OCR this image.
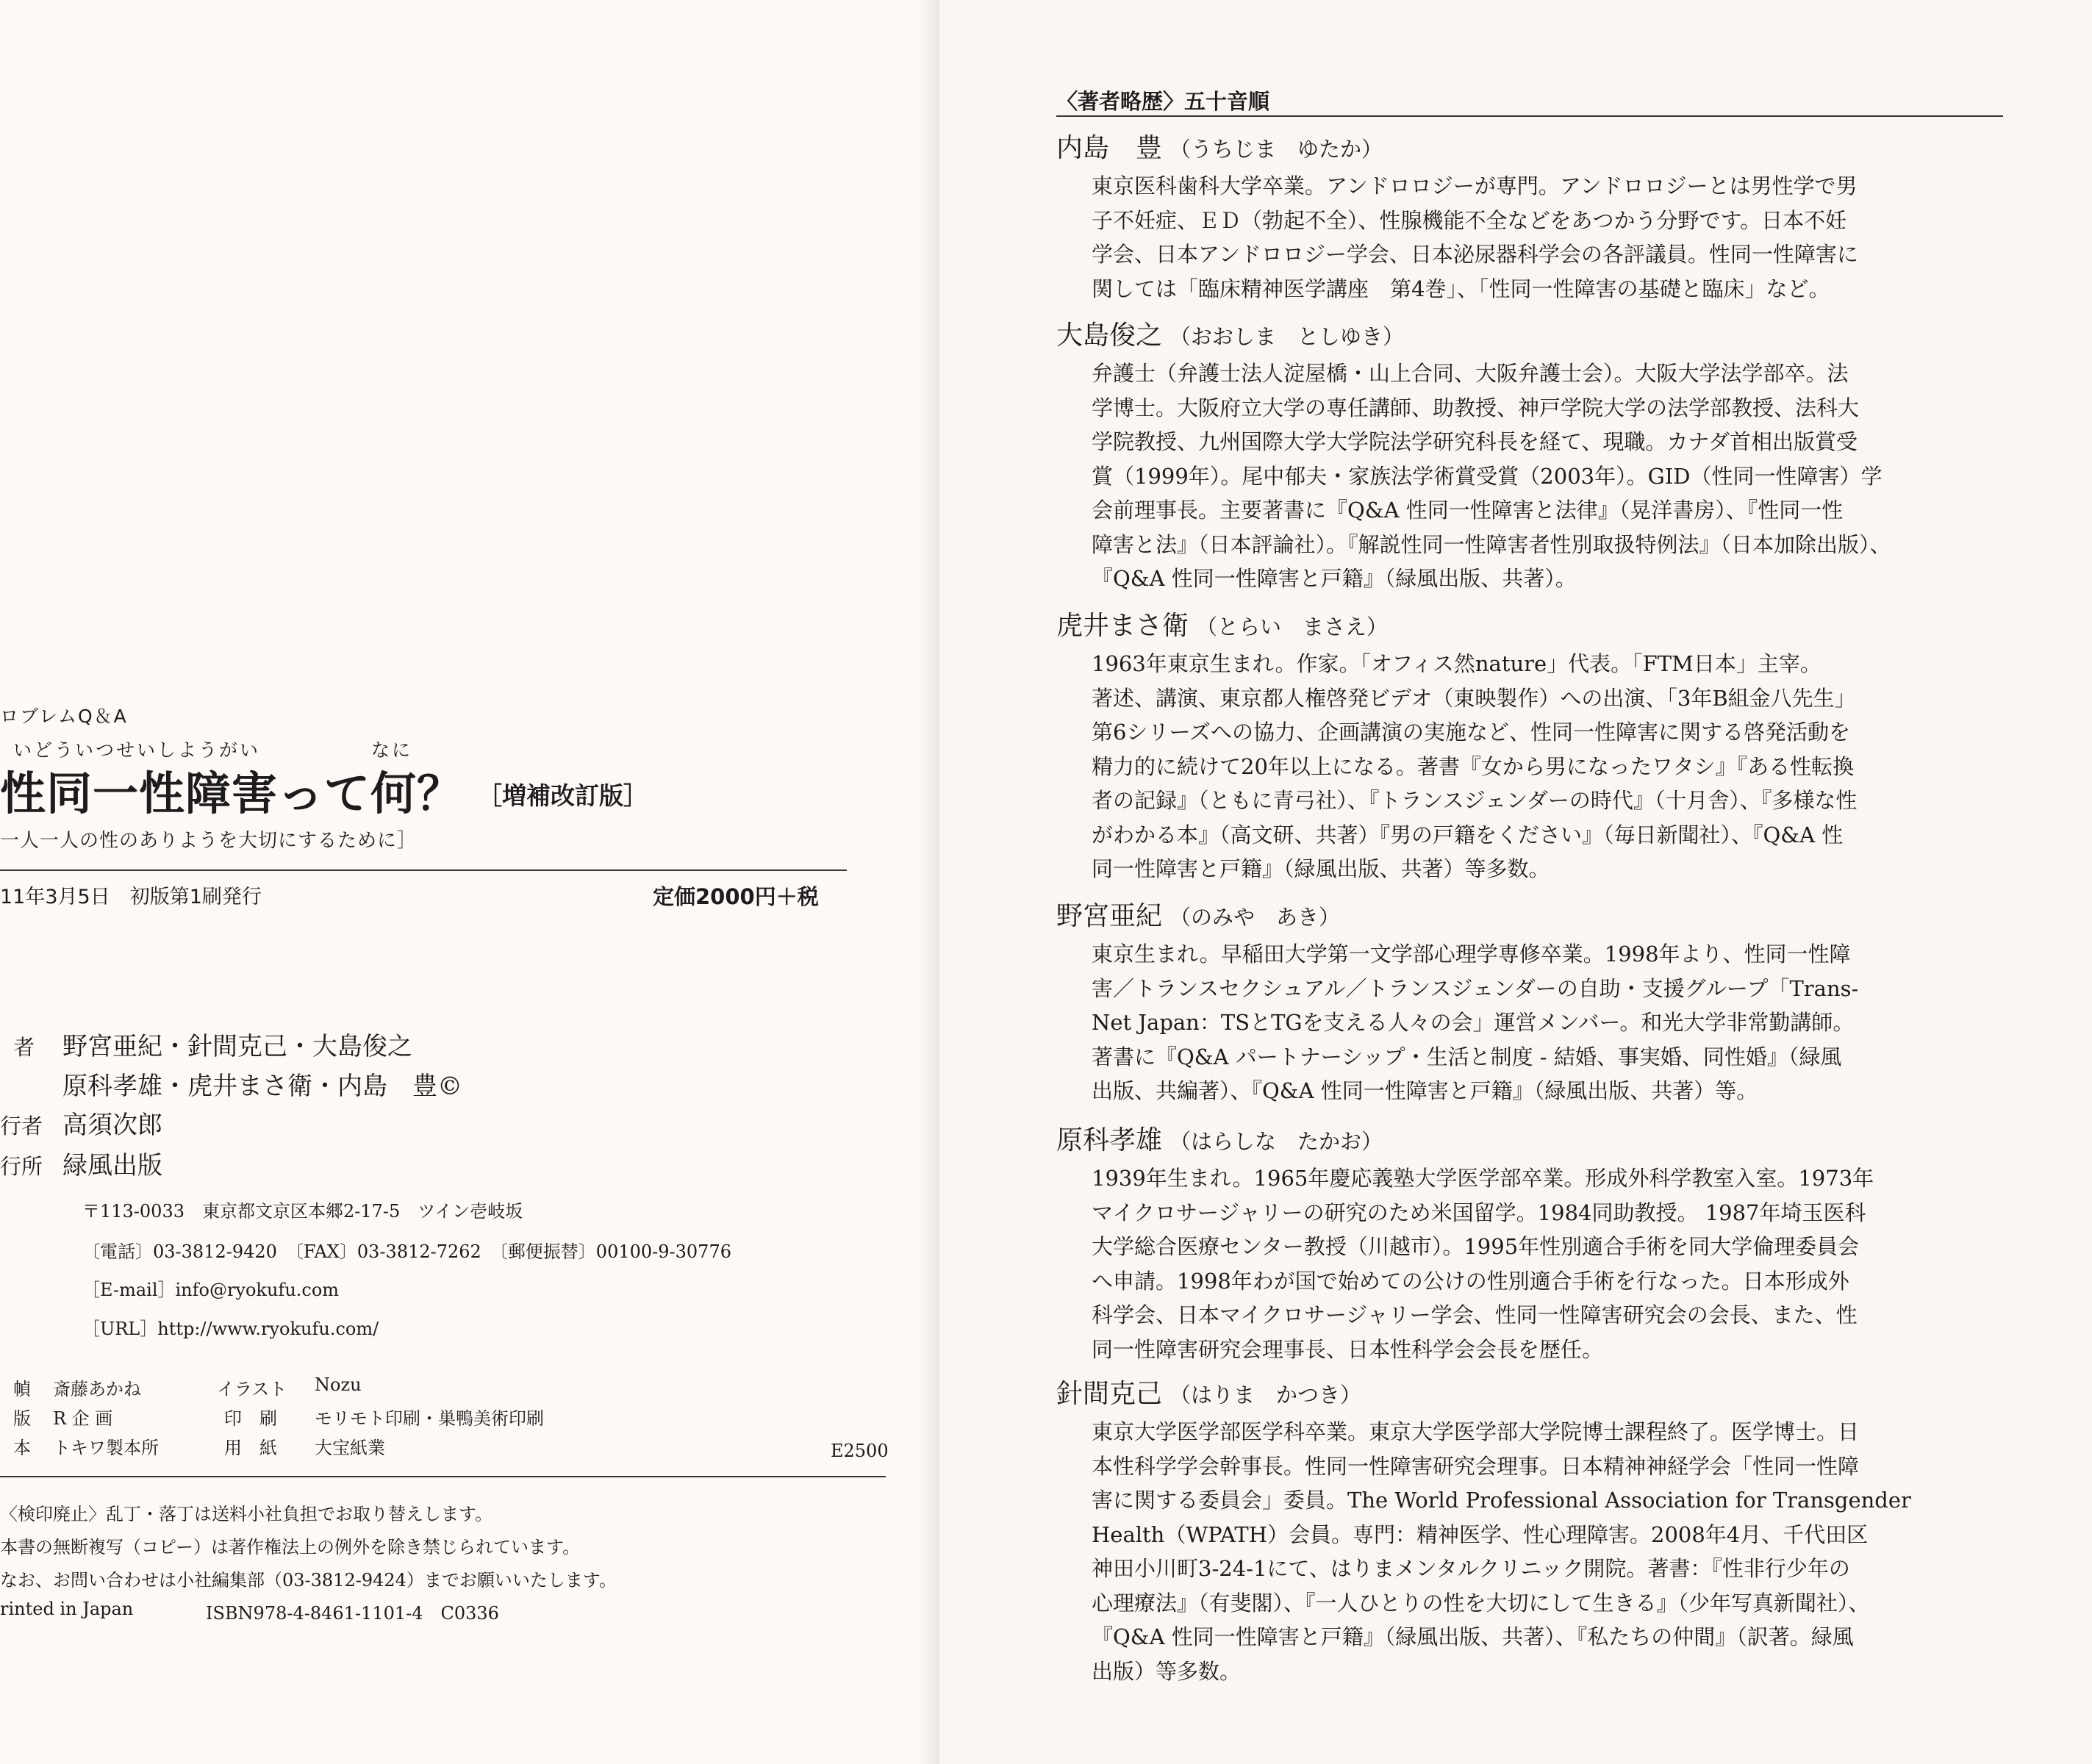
ロブレムQ＆A
いどういつせいしようがい	なに
性同一性障害って何？ ［増補改訂版］
一人一人の性のありようを大切にするために］
11年3月5日　初版第1刷発行	定価2000円＋税
者 野宮亜紀・針間克己・大島俊之
原科孝雄・虎井まさ衛・内島　豊©
行者 高須次郎
行所 緑風出版
〒113-0033　東京都文京区本郷2-17-5　ツイン壱岐坂
〔電話〕03-3812-9420　〔FAX〕03-3812-7262　〔郵便振替〕00100-9-30776
［E-mail］info@ryokufu.com
［URL］http://www.ryokufu.com/
幀 斎藤あかね	イラスト Nozu
版 R 企 画	印　刷 モリモト印刷・巣鴨美術印刷
本 トキワ製本所	用　紙 大宝紙業	E2500
〈検印廃止〉乱丁・落丁は送料小社負担でお取り替えします。
本書の無断複写（コピー）は著作権法上の例外を除き禁じられています。
なお、お問い合わせは小社編集部（03-3812-9424）までお願いいたします。
rinted in Japan	ISBN978-4-8461-1101-4　C0336
〈著者略歴〉五十音順
内島　豊 （うちじま　ゆたか）
東京医科歯科大学卒業。アンドロロジーが専門。アンドロロジーとは男性学で男
子不妊症、ＥＤ（勃起不全）、性腺機能不全などをあつかう分野です。日本不妊
学会、日本アンドロロジー学会、日本泌尿器科学会の各評議員。性同一性障害に
関しては「臨床精神医学講座　第4巻」、「性同一性障害の基礎と臨床」など。
大島俊之 （おおしま　としゆき）
弁護士（弁護士法人淀屋橋・山上合同、大阪弁護士会）。大阪大学法学部卒。法
学博士。大阪府立大学の専任講師、助教授、神戸学院大学の法学部教授、法科大
学院教授、九州国際大学大学院法学研究科長を経て、現職。カナダ首相出版賞受
賞（1999年）。尾中郁夫・家族法学術賞受賞（2003年）。GID（性同一性障害）学
会前理事長。主要著書に『Q&A 性同一性障害と法律』（晃洋書房）、『性同一性
障害と法』（日本評論社）。『解説性同一性障害者性別取扱特例法』（日本加除出版）、
『Q&A 性同一性障害と戸籍』（緑風出版、共著）。
虎井まさ衛 （とらい　まさえ）
1963年東京生まれ。作家。「オフィス然nature」代表。「FTM日本」主宰。
著述、講演、東京都人権啓発ビデオ（東映製作）への出演、「3年B組金八先生」
第6シリーズへの協力、企画講演の実施など、性同一性障害に関する啓発活動を
精力的に続けて20年以上になる。著書『女から男になったワタシ』『ある性転換
者の記録』（ともに青弓社）、『トランスジェンダーの時代』（十月舎）、『多様な性
がわかる本』（高文研、共著）『男の戸籍をください』（毎日新聞社）、『Q&A 性
同一性障害と戸籍』（緑風出版、共著）等多数。
野宮亜紀 （のみや　あき）
東京生まれ。早稲田大学第一文学部心理学専修卒業。1998年より、性同一性障
害／トランスセクシュアル／トランスジェンダーの自助・支援グループ「Trans-
Net Japan：TSとTGを支える人々の会」運営メンバー。和光大学非常勤講師。
著書に『Q&A パートナーシップ・生活と制度 - 結婚、事実婚、同性婚』（緑風
出版、共編著）、『Q&A 性同一性障害と戸籍』（緑風出版、共著）等。
原科孝雄 （はらしな　たかお）
1939年生まれ。1965年慶応義塾大学医学部卒業。形成外科学教室入室。1973年
マイクロサージャリーの研究のため米国留学。1984同助教授。 1987年埼玉医科
大学総合医療センター教授（川越市）。1995年性別適合手術を同大学倫理委員会
へ申請。1998年わが国で始めての公けの性別適合手術を行なった。日本形成外
科学会、日本マイクロサージャリー学会、性同一性障害研究会の会長、また、性
同一性障害研究会理事長、日本性科学会会長を歴任。
針間克己 （はりま　かつき）
東京大学医学部医学科卒業。東京大学医学部大学院博士課程終了。医学博士。日
本性科学学会幹事長。性同一性障害研究会理事。日本精神神経学会「性同一性障
害に関する委員会」委員。The World Professional Association for Transgender
Health（WPATH）会員。専門：精神医学、性心理障害。2008年4月、千代田区
神田小川町3-24-1にて、はりまメンタルクリニック開院。著書：『性非行少年の
心理療法』（有斐閣）、『一人ひとりの性を大切にして生きる』（少年写真新聞社）、
『Q&A 性同一性障害と戸籍』（緑風出版、共著）、『私たちの仲間』（訳著。緑風
出版）等多数。
